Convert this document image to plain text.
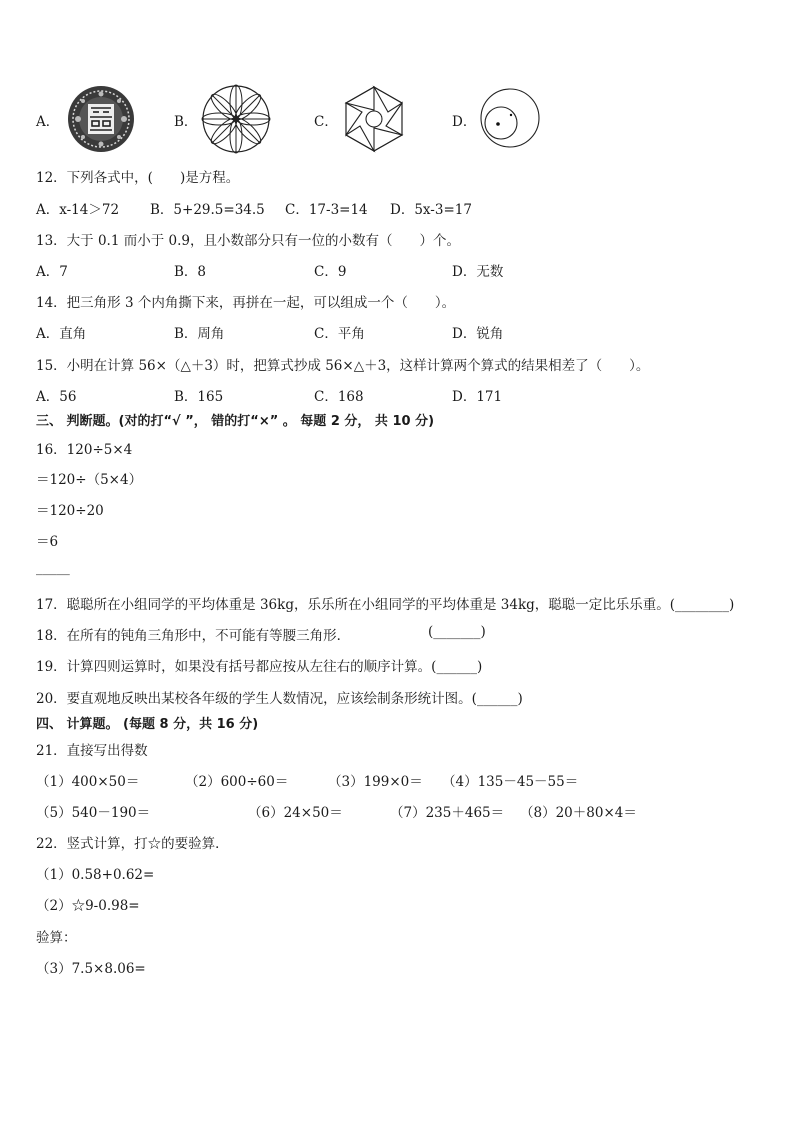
A．	B．	C．	D．
12．下列各式中，(　　)是方程。
A．x-14＞72 B．5+29.5=34.5 C．17-3=14 D．5x-3=17
13．大于 0.1 而小于 0.9，且小数部分只有一位的小数有（　　）个。
A．7	B．8	C．9	D．无数
14．把三角形 3 个内角撕下来，再拼在一起，可以组成一个（　　）。
A．直角	B．周角	C．平角	D．锐角
15．小明在计算 56×（△＋3）时，把算式抄成 56×△＋3，这样计算两个算式的结果相差了（　　）。
A．56	B．165	C．168	D．171
三、 判断题。(对的打“√ ”， 错的打“×” 。 每题 2 分， 共 10 分)
16．120÷5×4
＝120÷（5×4）
＝120÷20
＝6
_____
17．聪聪所在小组同学的平均体重是 36kg，乐乐所在小组同学的平均体重是 34kg，聪聪一定比乐乐重。(________)
18．在所有的钝角三角形中，不可能有等腰三角形．	(_______)
19．计算四则运算时，如果没有括号都应按从左往右的顺序计算。(______)
20．要直观地反映出某校各年级的学生人数情况，应该绘制条形统计图。(______)
四、 计算题。 (每题 8 分，共 16 分)
21．直接写出得数
（1）400×50＝	（2）600÷60＝	（3）199×0＝ （4）135－45－55＝
（5）540－190＝	（6）24×50＝	（7）235＋465＝ （8）20＋80×4＝
22．竖式计算，打☆的要验算．
（1）0.58+0.62=
（2）☆9-0.98=
验算：
（3）7.5×8.06=
